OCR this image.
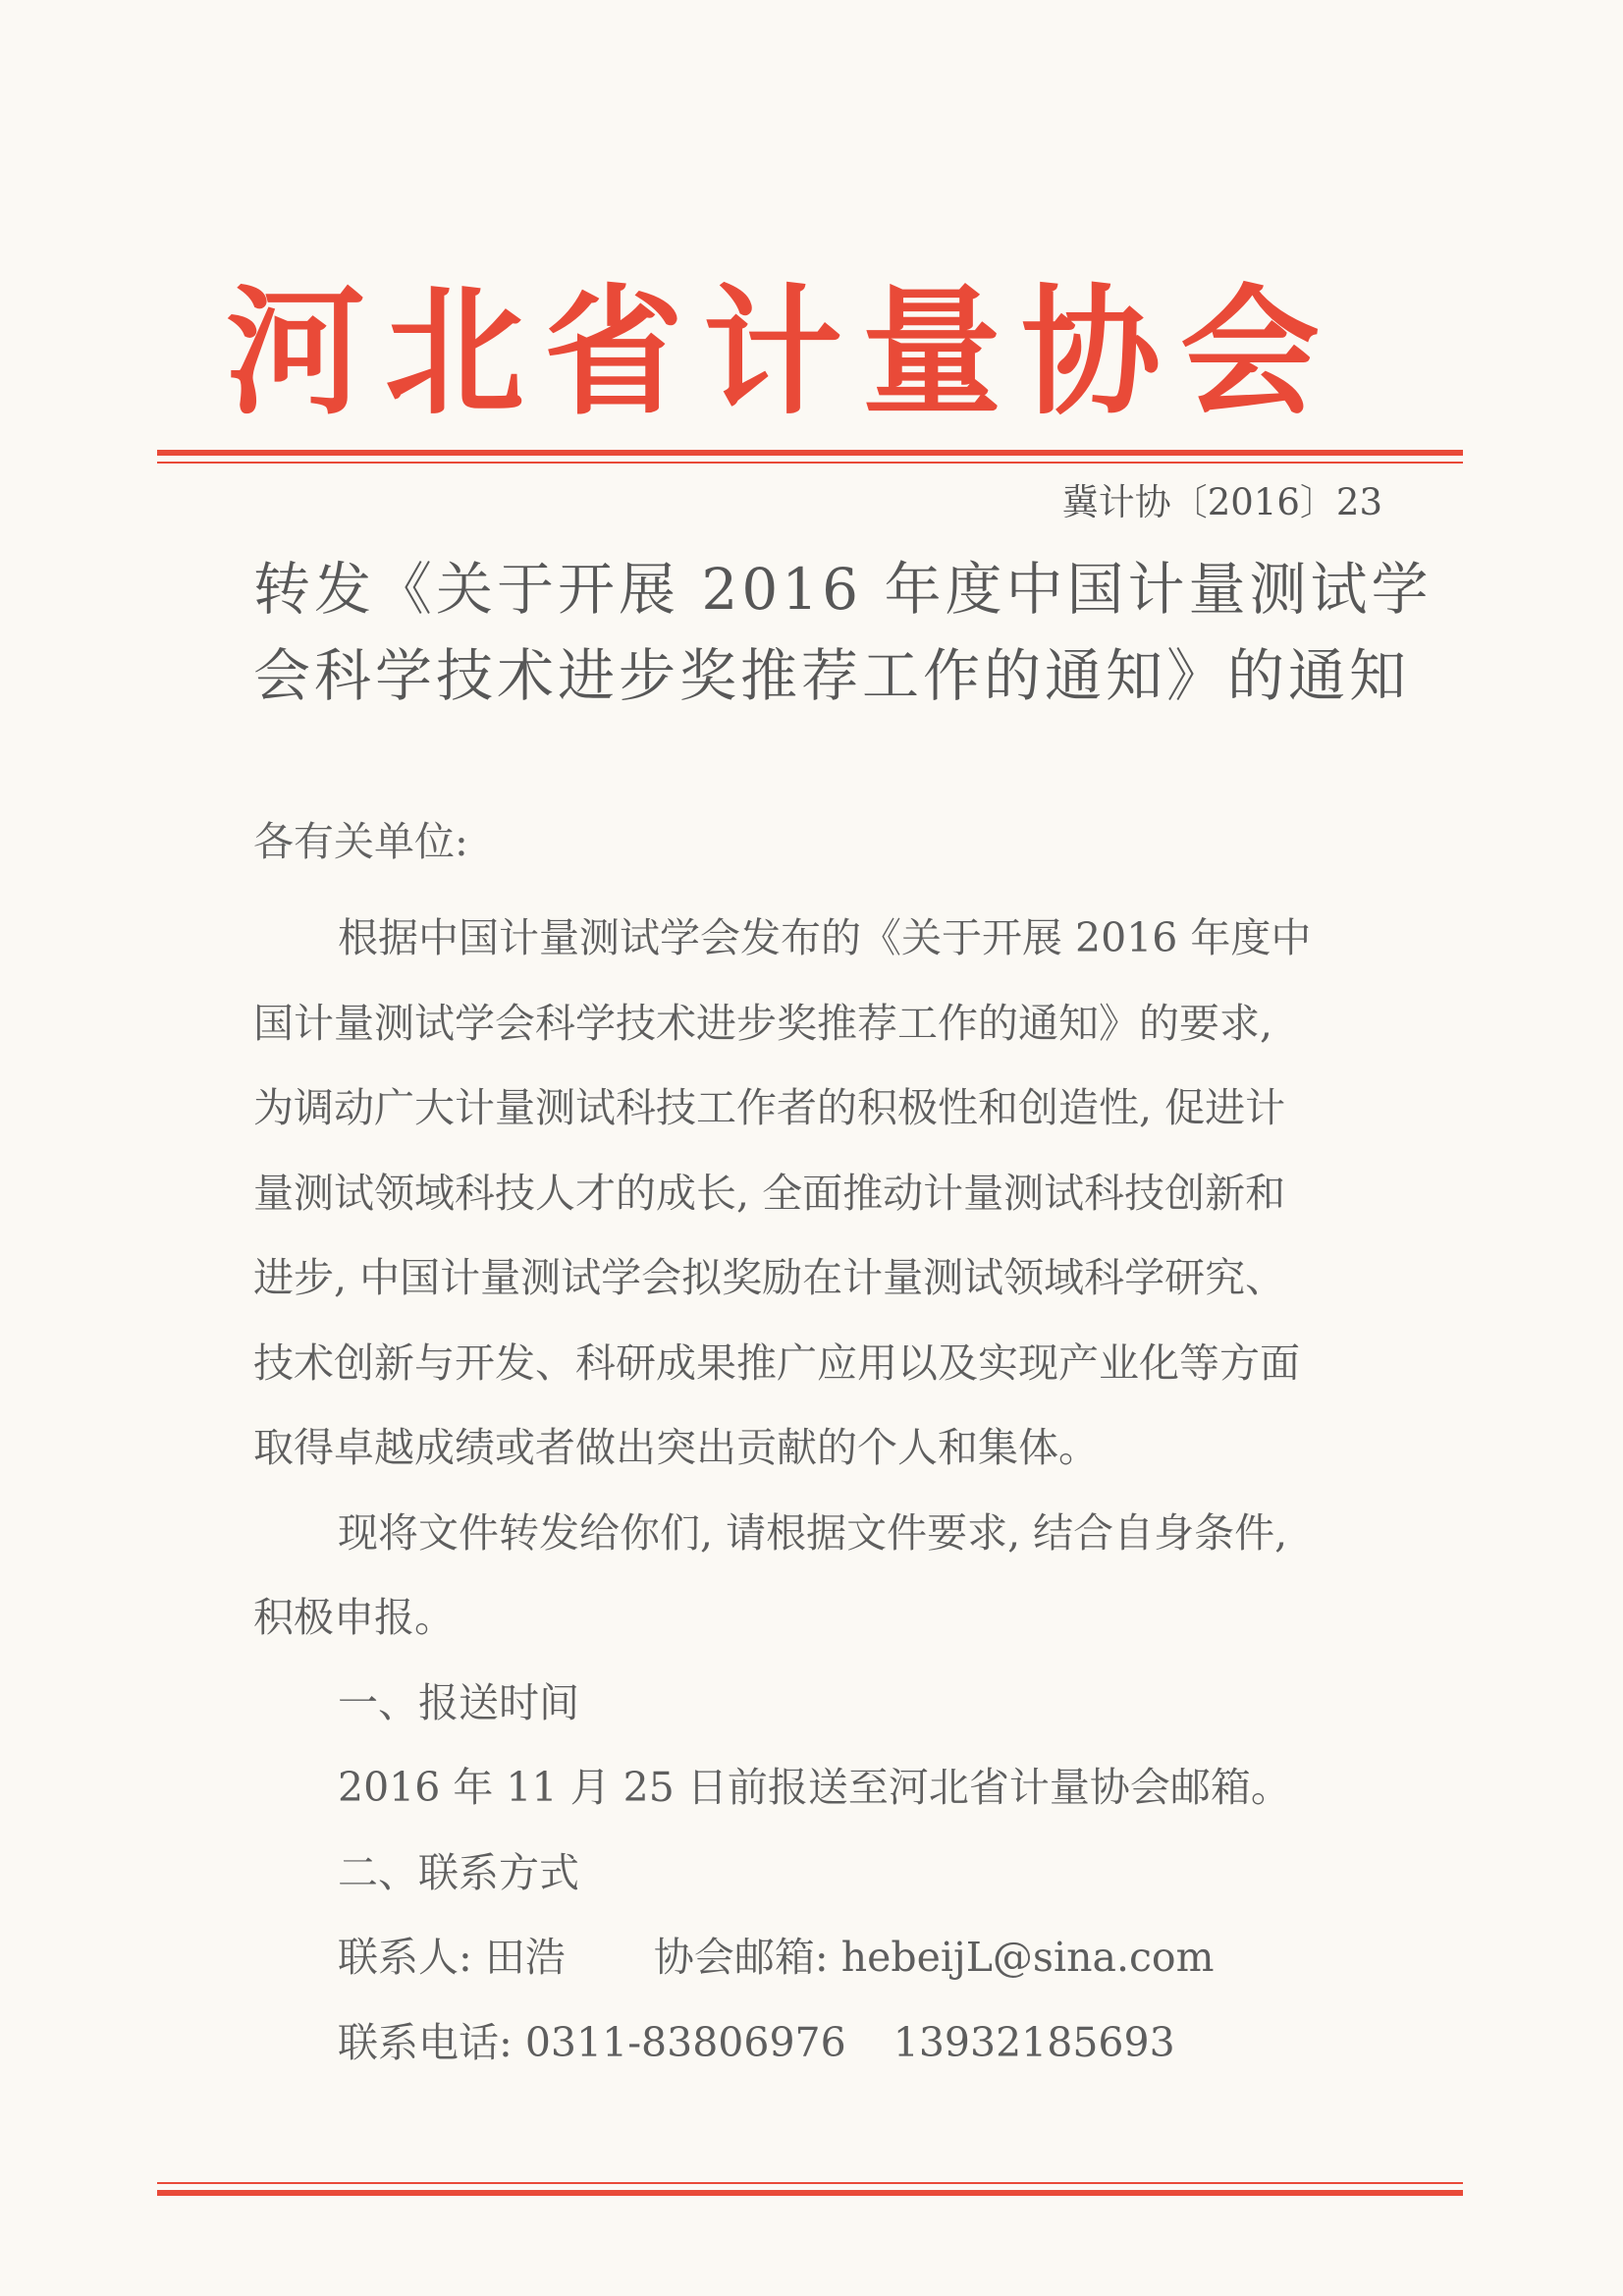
河北省计量协会
冀计协〔2016〕23
转发《关于开展 2016 年度中国计量测试学
会科学技术进步奖推荐工作的通知》的通知
各有关单位:
根据中国计量测试学会发布的《关于开展 2016 年度中
国计量测试学会科学技术进步奖推荐工作的通知》的要求,
为调动广大计量测试科技工作者的积极性和创造性, 促进计
量测试领域科技人才的成长, 全面推动计量测试科技创新和
进步, 中国计量测试学会拟奖励在计量测试领域科学研究、
技术创新与开发、科研成果推广应用以及实现产业化等方面
取得卓越成绩或者做出突出贡献的个人和集体。
现将文件转发给你们, 请根据文件要求, 结合自身条件,
积极申报。
一、报送时间
2016 年 11 月 25 日前报送至河北省计量协会邮箱。
二、联系方式
联系人: 田浩 协会邮箱: hebeijL@sina.com
联系电话: 0311-83806976 13932185693
